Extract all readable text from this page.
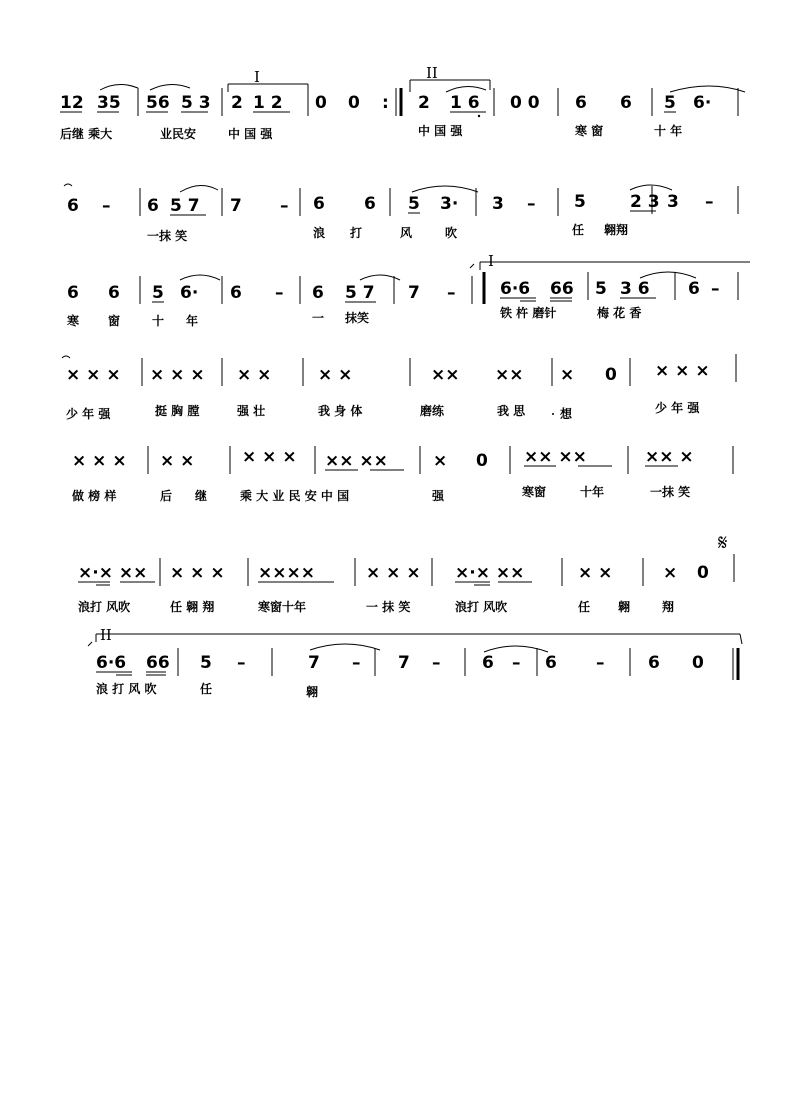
12 35 56 5 3
I
2 1 2 0 0 :
II
2 1 6 0 0 6 6 5 6·
后继 乘大	业民安	中 国 强	中 国 强	寒 窗	十 年
6 – 6 5 7 7 – 6 6 5 3· 3 – 5	2 3 3 –
一抹 笑	浪 打	风	吹	任 翱翔
6 6 5 6· 6 – 6 5 7 7 –
I
6·6 66 5 3 6 6 –
寒 窗	十 年	一 抹笑	铁 杵 磨针	梅 花 香
× × × × × × × ×	× ×	×× ×× × 0 × × ×
少 年 强	挺 胸 膛	强 壮	我 身 体	磨练	我 思	想	少 年 强
× × × × ×	× × × ×× ××	× 0 ×× ××	×× ×
做 榜 样	后 继	乘 大 业 民 安 中 国	强	寒窗	十年	一抹 笑
𝄋
×·× ×× × × × ××××	× × × ×·× ××	× ×	× 0
浪打 风吹	任 翱 翔	寒窗十年	一 抹 笑	浪打 风吹	任 翱	翔
II
6·6 66 5 –	7 – 7 – 6 – 6 –	6 0
浪 打 风 吹	任	翱
